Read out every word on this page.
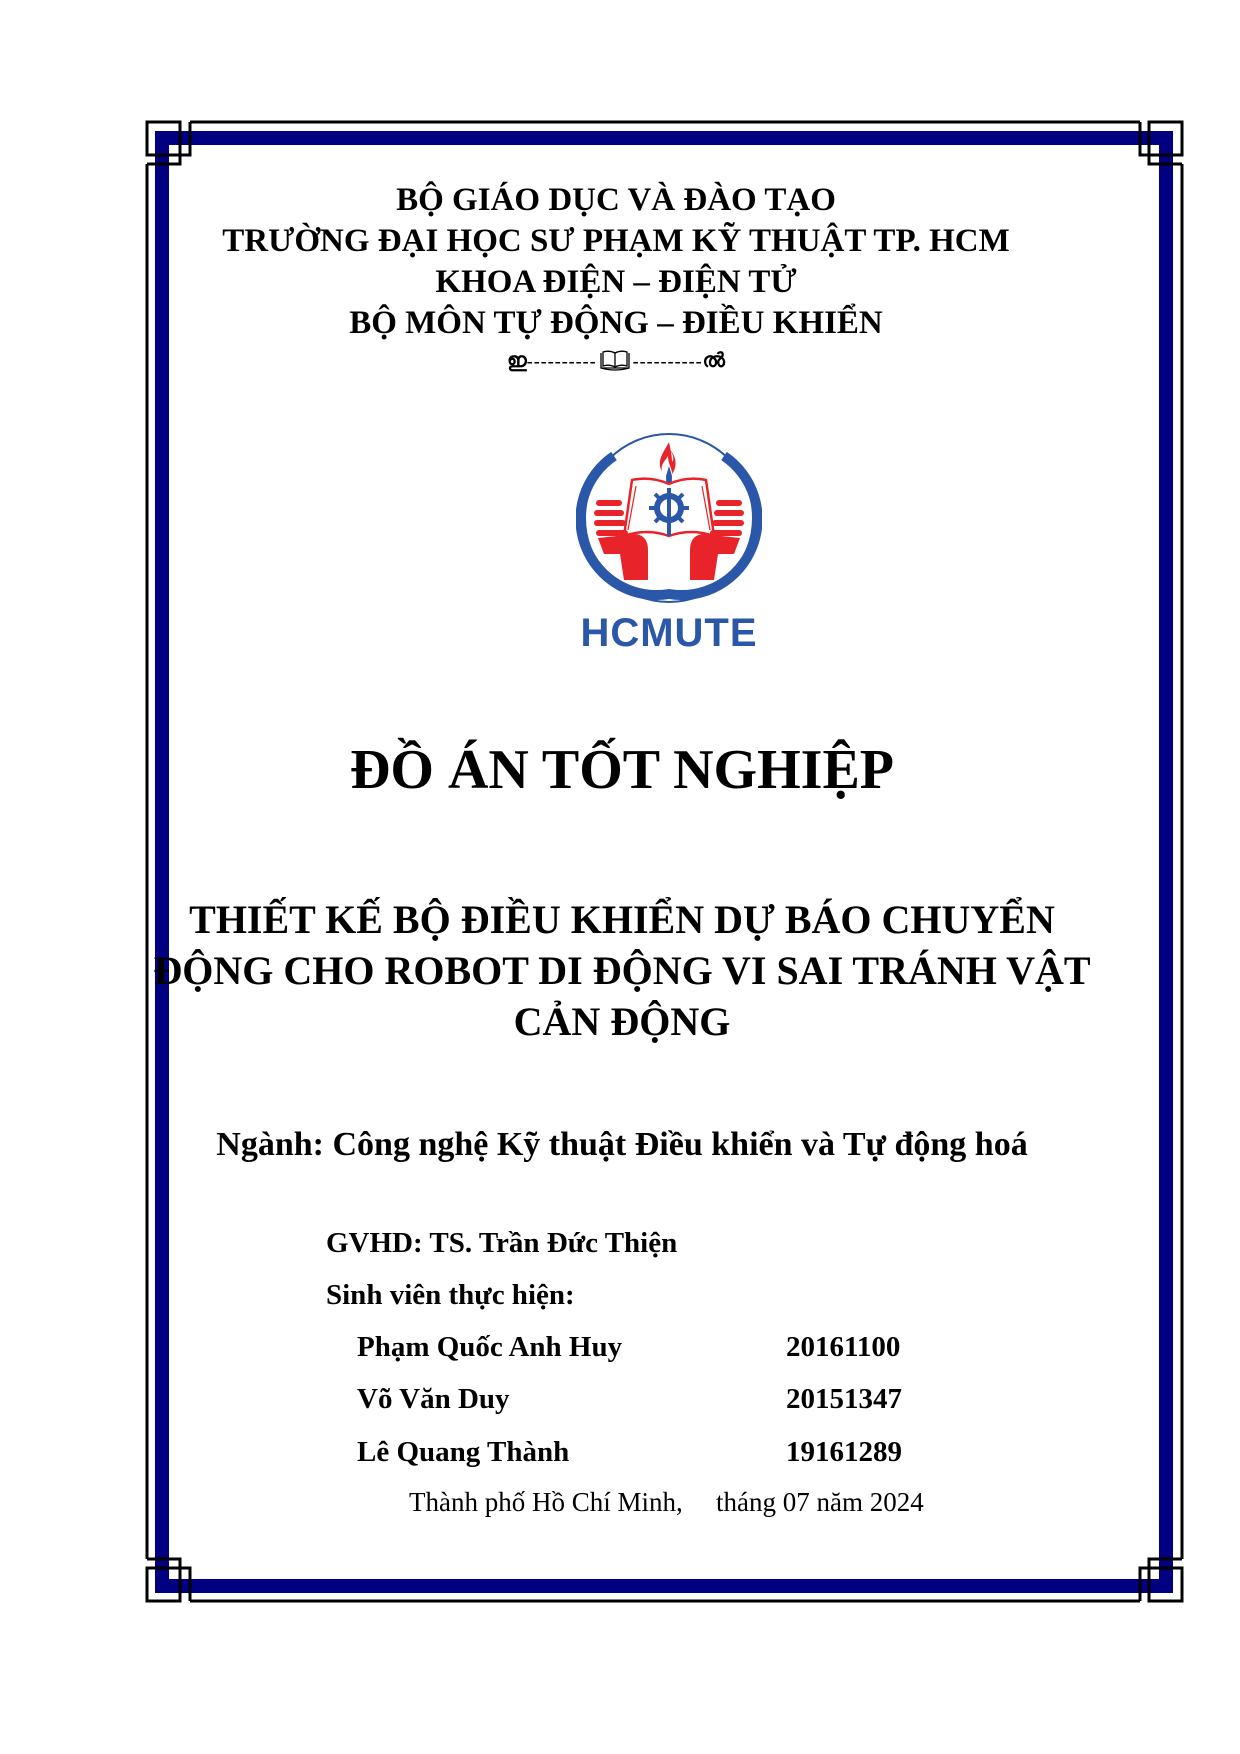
BỘ GIÁO DỤC VÀ ĐÀO TẠO
TRƯỜNG ĐẠI HỌC SƯ PHẠM KỸ THUẬT TP. HCM
KHOA ĐIỆN – ĐIỆN TỬ
BỘ MÔN TỰ ĐỘNG – ĐIỀU KHIỂN
ഇ ---------- ---------- ൽ
HCMUTE
ĐỒ ÁN TỐT NGHIỆP
THIẾT KẾ BỘ ĐIỀU KHIỂN DỰ BÁO CHUYỂN
ĐỘNG CHO ROBOT DI ĐỘNG VI SAI TRÁNH VẬT
CẢN ĐỘNG
Ngành: Công nghệ Kỹ thuật Điều khiển và Tự động hoá
GVHD: TS. Trần Đức Thiện
Sinh viên thực hiện:
Phạm Quốc Anh Huy	20161100
Võ Văn Duy	20151347
Lê Quang Thành	19161289
Thành phố Hồ Chí Minh, tháng 07 năm 2024
